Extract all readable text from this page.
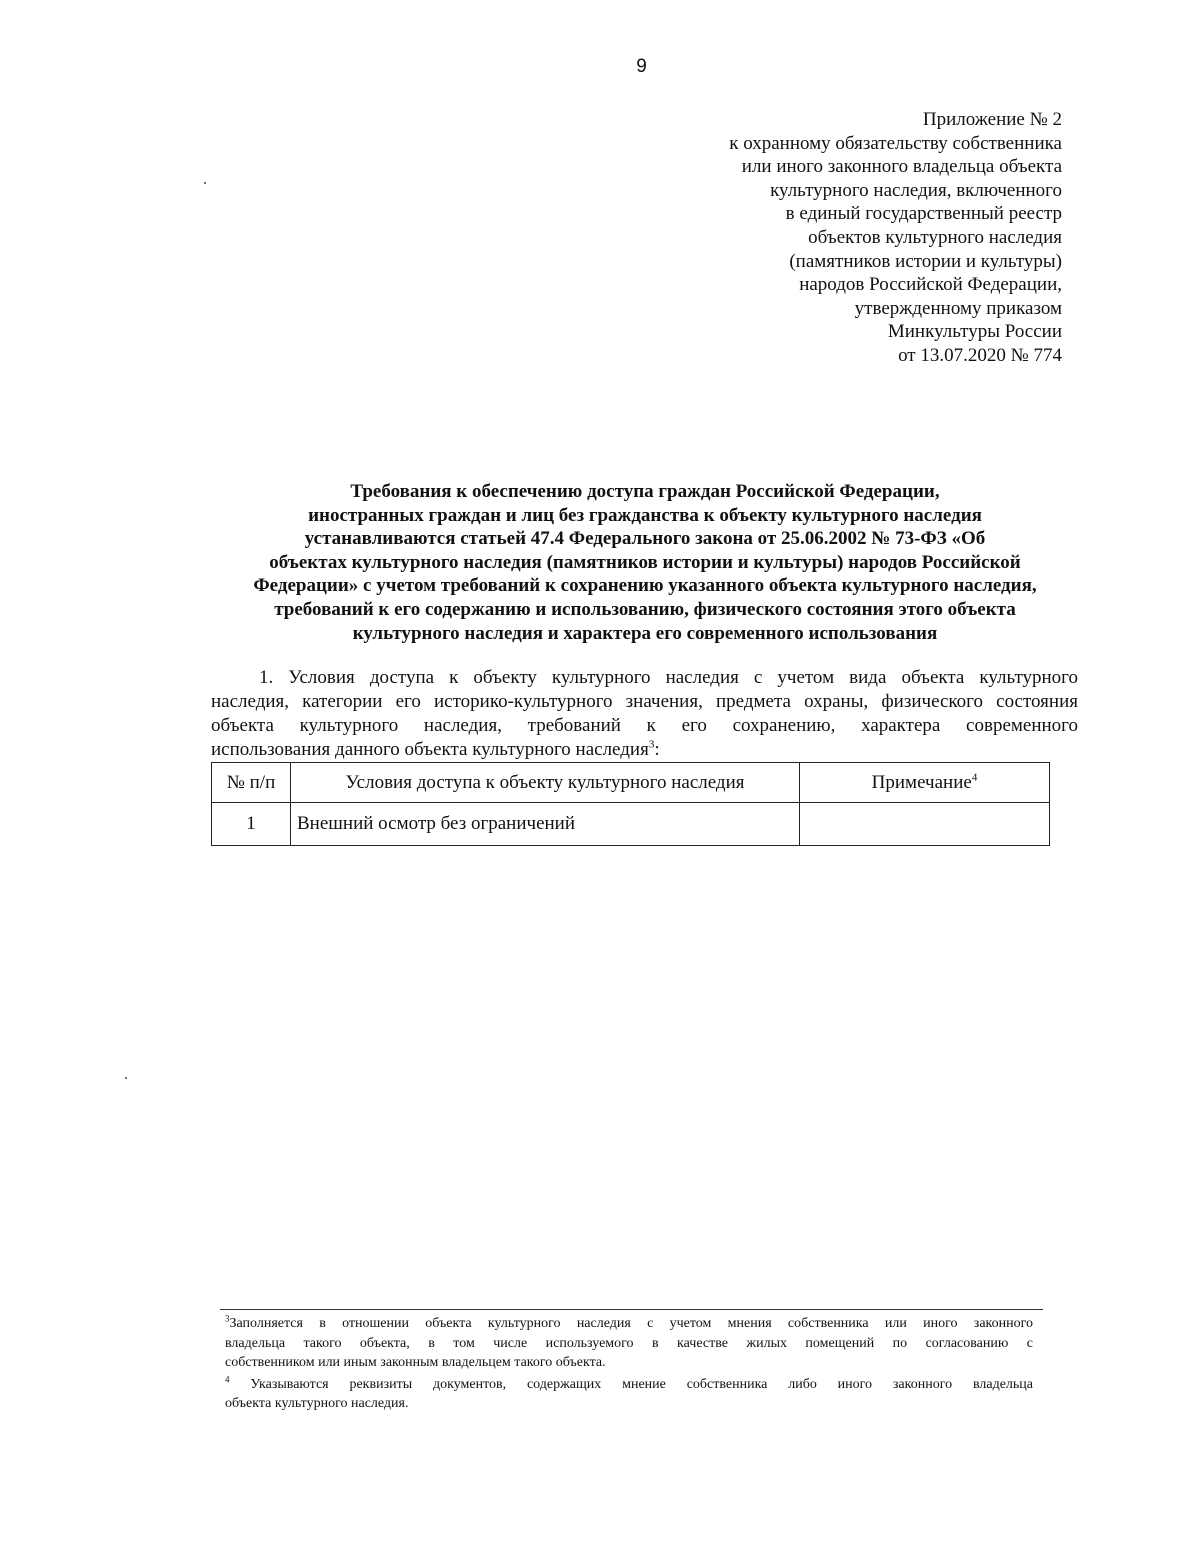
9
Приложение № 2
к охранному обязательству собственника
или иного законного владельца объекта
культурного наследия, включенного
в единый государственный реестр
объектов культурного наследия
(памятников истории и культуры)
народов Российской Федерации,
утвержденному приказом
Минкультуры России
от 13.07.2020 № 774
Требования к обеспечению доступа граждан Российской Федерации,
иностранных граждан и лиц без гражданства к объекту культурного наследия
устанавливаются статьей 47.4 Федерального закона от 25.06.2002 № 73-ФЗ «Об
объектах культурного наследия (памятников истории и культуры) народов Российской
Федерации» с учетом требований к сохранению указанного объекта культурного наследия,
требований к его содержанию и использованию, физического состояния этого объекта
культурного наследия и характера его современного использования
1. Условия доступа к объекту культурного наследия с учетом вида объекта культурного
наследия, категории его историко-культурного значения, предмета охраны, физического состояния
объекта культурного наследия, требований к его сохранению, характера современного
использования данного объекта культурного наследия$^3$:
№ п/п	Условия доступа к объекту культурного наследия	Примечание$^4$
1	Внешний осмотр без ограничений	
$^3$Заполняется в отношении объекта культурного наследия с учетом мнения собственника или иного законного
владельца такого объекта, в том числе используемого в качестве жилых помещений по согласованию с
собственником или иным законным владельцем такого объекта.
$^4$ Указываются реквизиты документов, содержащих мнение собственника либо иного законного владельца
объекта культурного наследия.
